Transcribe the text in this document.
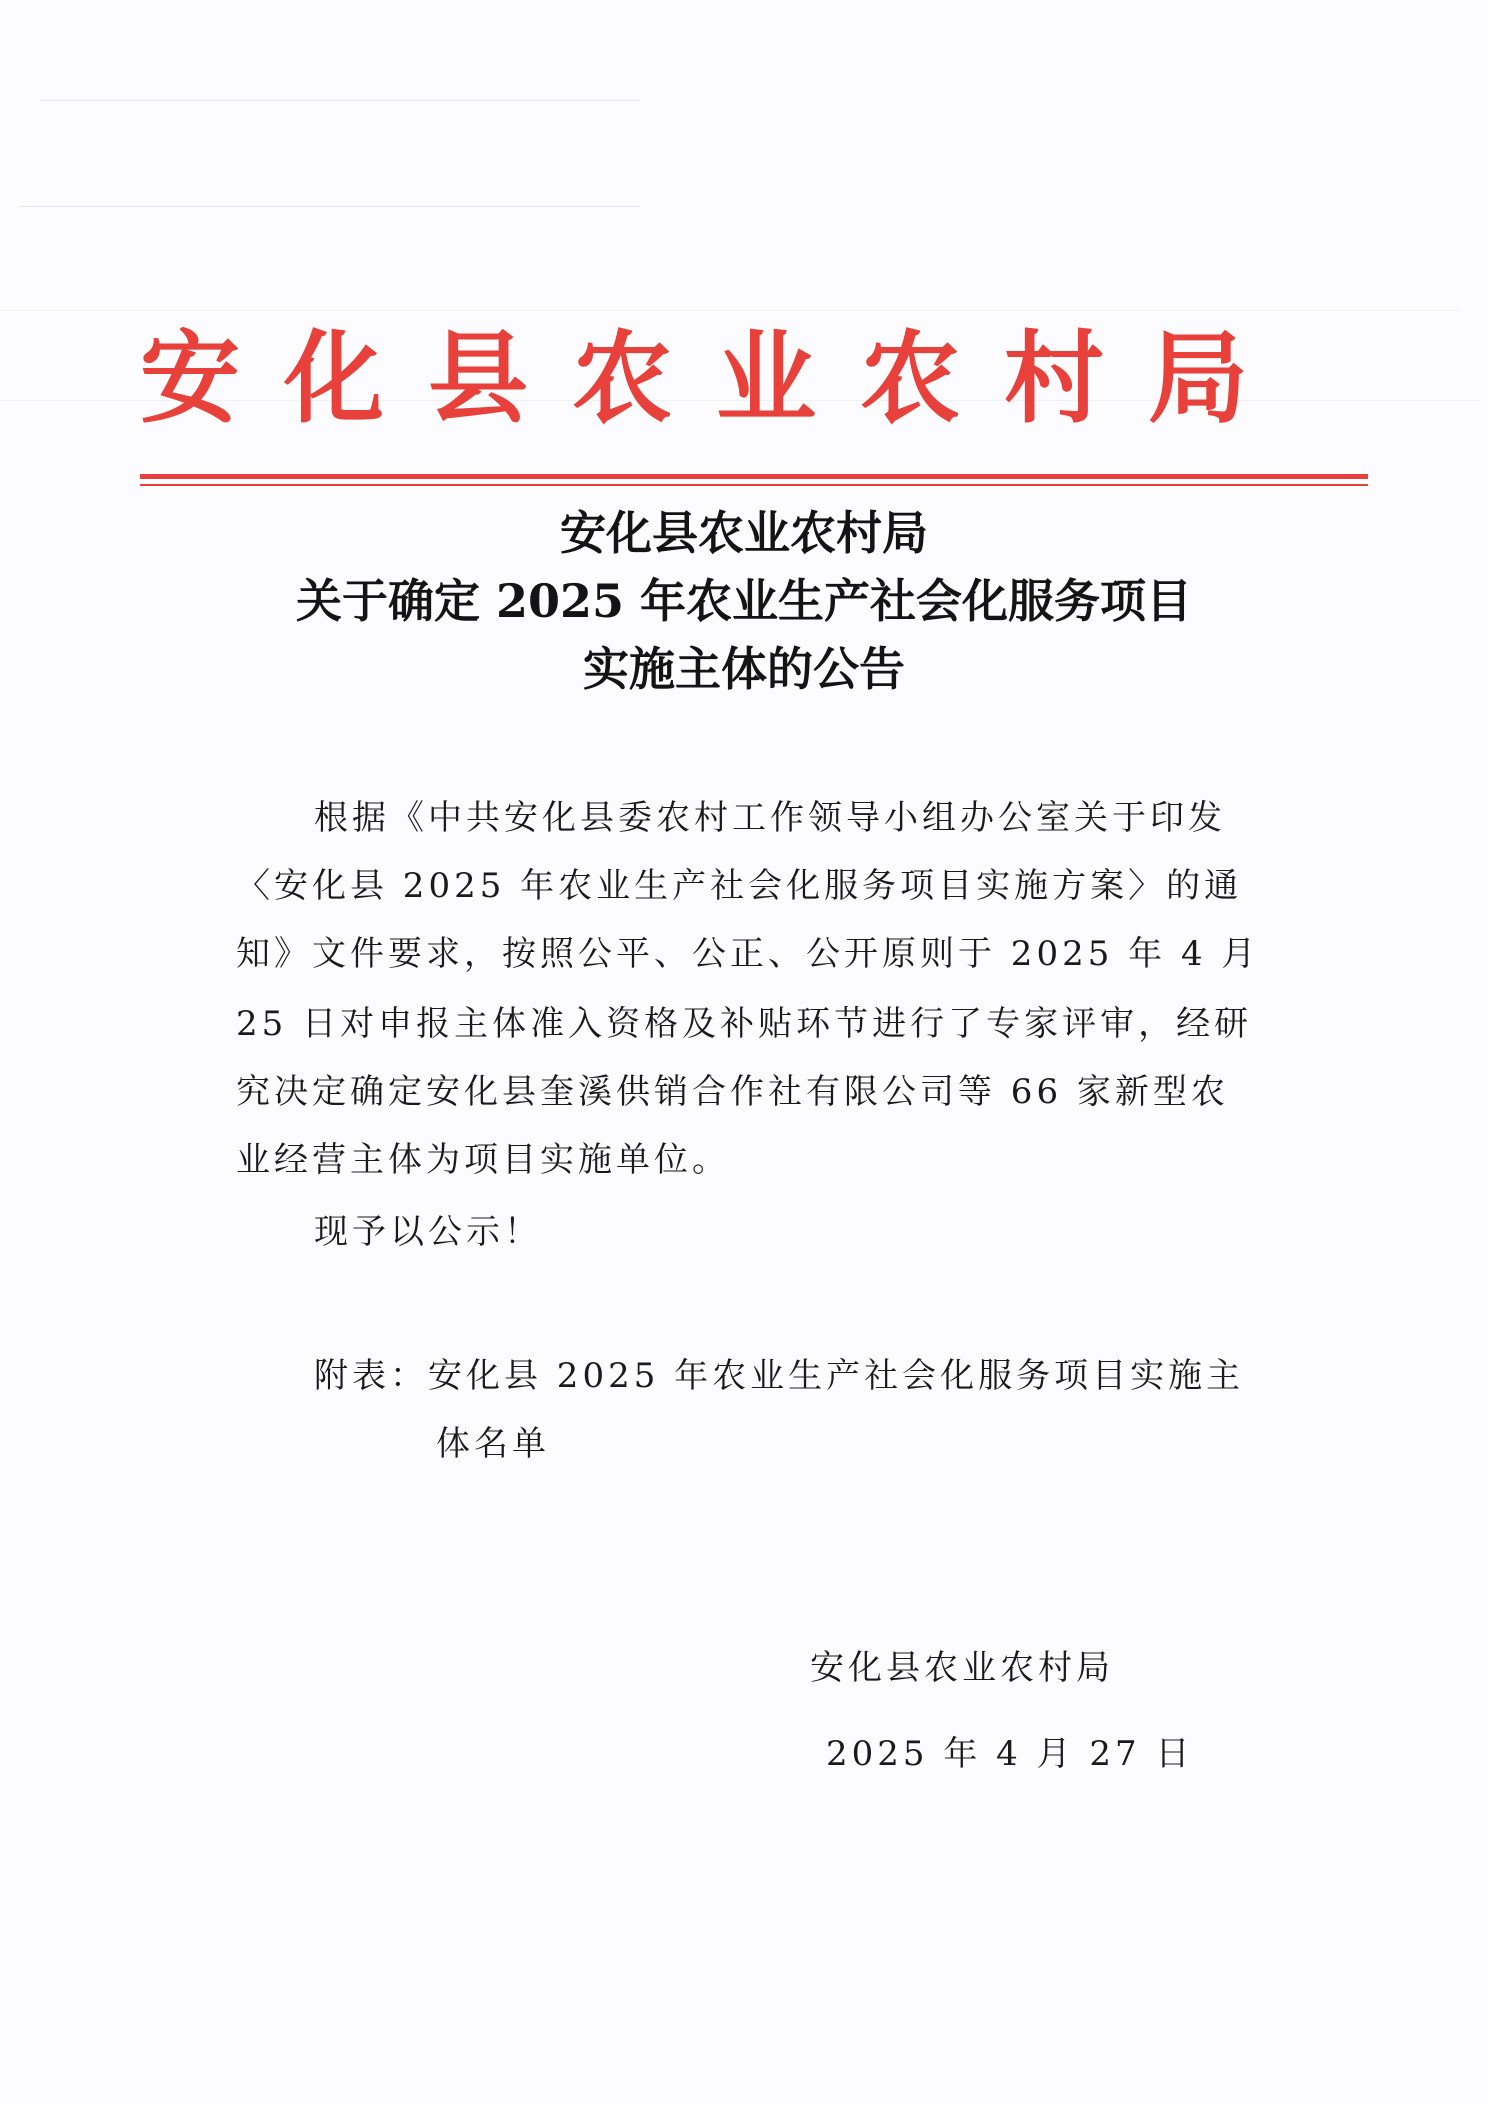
安化县农业农村局
安化县农业农村局
关于确定 2025 年农业生产社会化服务项目
实施主体的公告
根据《中共安化县委农村工作领导小组办公室关于印发
〈安化县 2025 年农业生产社会化服务项目实施方案〉的通
知》文件要求，按照公平、公正、公开原则于 2025 年 4 月
25 日对申报主体准入资格及补贴环节进行了专家评审，经研
究决定确定安化县奎溪供销合作社有限公司等 66 家新型农
业经营主体为项目实施单位。
现予以公示！
附表：安化县 2025 年农业生产社会化服务项目实施主
体名单
安化县农业农村局
2025 年 4 月 27 日
